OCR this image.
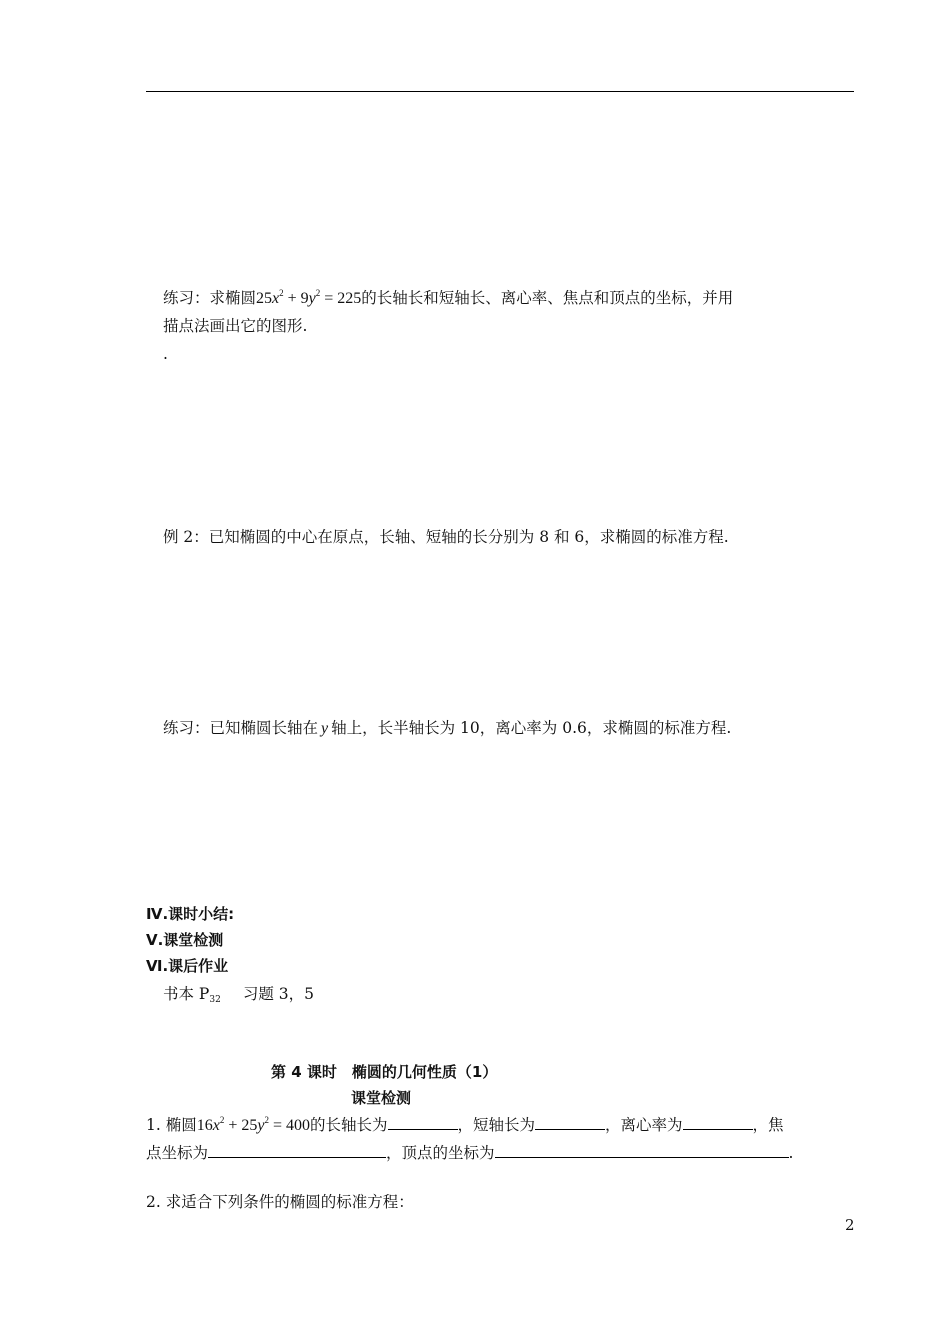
练习：求椭圆$25x^2 + 9y^2 = 225$的长轴长和短轴长、离心率、焦点和顶点的坐标，并用
描点法画出它的图形.
.
例 2：已知椭圆的中心在原点，长轴、短轴的长分别为 8 和 6，求椭圆的标准方程.
练习：已知椭圆长轴在 y 轴上，长半轴长为 10，离心率为 0.6，求椭圆的标准方程.
Ⅳ.课时小结:
Ⅴ.课堂检测
Ⅵ.课后作业
书本 $P_{32}$ 习题 3，5
第 4 课时　椭圆的几何性质（1）
课堂检测
1. 椭圆$16x^2 + 25y^2 = 400$的长轴长为	，短轴长为	，离心率为	，焦
点坐标为	，顶点的坐标为	.
2. 求适合下列条件的椭圆的标准方程：
2
